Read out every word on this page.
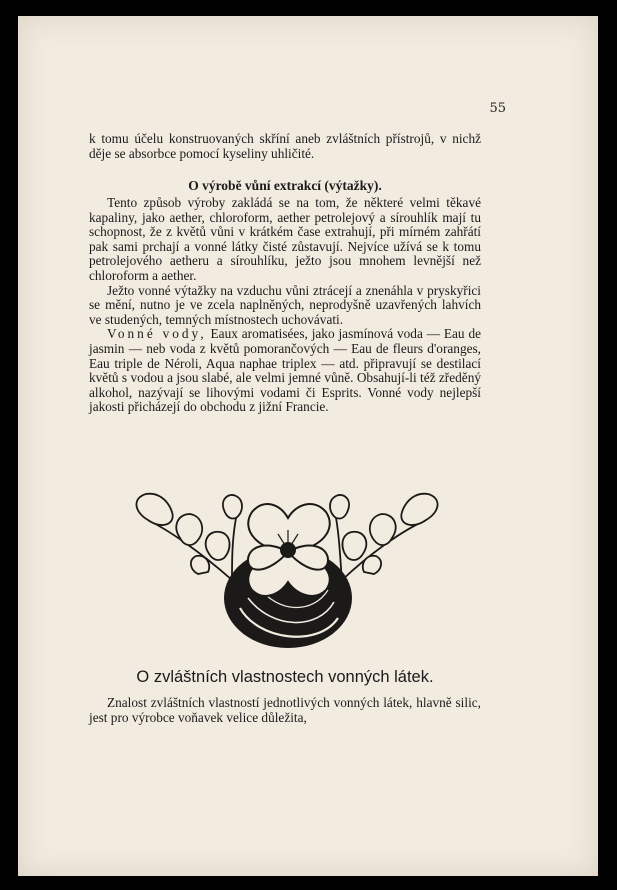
55

k tomu účelu konstruovaných skříní aneb zvláštních přístrojů, v nichž děje se absorbce pomocí kyseliny uhličité.

O výrobě vůní extrakcí (výtažky).

Tento způsob výroby zakládá se na tom, že některé velmi těkavé kapaliny, jako aether, chloroform, aether petrolejový a sírouhlík mají tu schopnost, že z květů vůni v krátkém čase extrahují, při mírném zahřátí pak sami prchají a vonné látky čisté zůstavují. Nejvíce užívá se k tomu petrolejového aetheru a sírouhlíku, ježto jsou mnohem levnější než chloroform a aether.

Ježto vonné výtažky na vzduchu vůni ztrácejí a znenáhla v pryskyřici se mění, nutno je ve zcela naplněných, neprodyšně uzavřených lahvích ve studených, temných místnostech uchovávati.

Vonné vody, Eaux aromatisées, jako jasmínová voda — Eau de jasmin — neb voda z květů pomorančových — Eau de fleurs d'oranges, Eau triple de Néroli, Aqua naphae triplex — atd. připravují se destilací květů s vodou a jsou slabé, ale velmi jemné vůně. Obsahují-li též zředěný alkohol, nazývají se lihovými vodami či Esprits. Vonné vody nejlepší jakosti přicházejí do obchodu z jižní Francie.

O zvláštních vlastnostech vonných látek.

Znalost zvláštních vlastností jednotlivých vonných látek, hlavně silic, jest pro výrobce voňavek velice důležita,
